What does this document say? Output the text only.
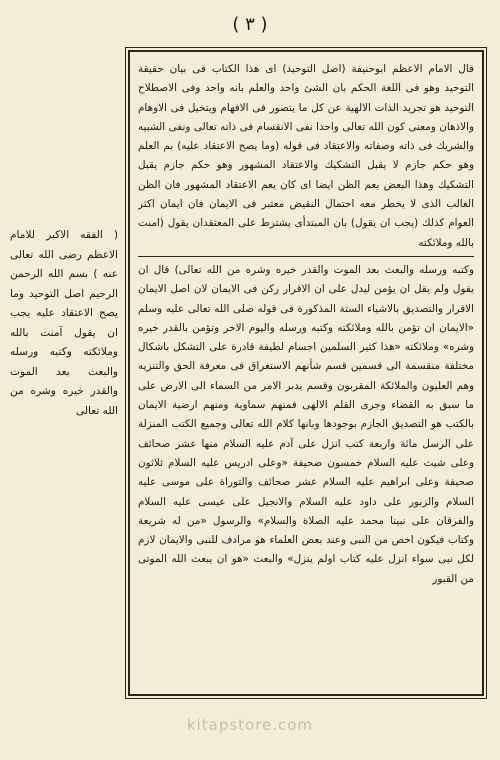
( ٣ )

( الفقه الاكبر للامام الاعظم رضى الله تعالى عنه ) بسم الله الرحمن الرحيم اصل التوحيد وما يصح الاعتقاد عليه يجب ان يقول آمنت بالله وملائكته وكتبه ورسله والبعث بعد الموت والقدر خيره وشره من الله تعالى

قال الامام الاعظم ابوحنيفة (اصل التوحيد) اى هذا الكتاب فى بيان حقيقة التوحيد وهو فى اللغة الحكم بان الشئ واحد والعلم بانه واحد وفى الاصطلاح التوحيد هو تجريد الذات الالهية عن كل ما يتصور فى الافهام ويتخيل فى الاوهام والاذهان ومعنى كون الله تعالى واحدا نفى الانقسام فى ذاته تعالى ونفى الشبيه والشريك فى ذاته وصفاته والاعتقاد فى قوله (وما يصح الاعتقاد عليه) بم العلم وهو حكم جازم لا يقبل التشكيك والاعتقاد المشهور وهو حكم جازم يقبل التشكيك وهذا البعض يعم الظن ايضا اى كان يعم الاعتقاد المشهور فان الظن الغالب الذى لا يخطر معه احتمال النقيض معتبر فى الايمان فان ايمان اكثر العوام كذلك (يجب ان يقول) بان المبتدأى يشترط على المعتقدان يقول (امنت بالله وملائكته

وكتبه ورسله والبعث بعد الموت والقدر خيره وشره من الله تعالى) قال ان يقول ولم يقل ان يؤمن ليدل على ان الاقرار ركن فى الايمان لان اصل الايمان الاقرار والتصديق بالاشياء الستة المذكورة فى قوله صلى الله تعالى عليه وسلم «الايمان ان تؤمن بالله وملائكته وكتبه ورسله واليوم الاخر وتؤمن بالقدر خيره وشره» وملائكته «هذا كثير السلمين اجسام لطيفة قادرة على التشكل باشكال مختلفة منقسمة الى قسمين قسم شأنهم الاستغراق فى معرفة الحق والتنزيه وهم العليون والملائكة المقربون وقسم يدبر الامر من السماء الى الارض على ما سبق به القضاء وجرى القلم الالهى فمنهم سماوية ومنهم ارضية الايمان بالكتب هو التصديق الجازم بوجودها وبانها كلام الله تعالى وجميع الكتب المنزلة على الرسل مائة واربعة كتب انزل على آدم عليه السلام منها عشر صحائف وعلى شيث عليه السلام خمسون صحيفة «وعلى ادريس عليه السلام ثلاثون صحيفة وعلى ابراهيم عليه السلام عشر صحائف والتوراة على موسى عليه السلام والزبور على داود عليه السلام والانجيل على عيسى عليه السلام والفرقان على نبينا محمد عليه الصلاة والسلام» والرسول «من له شريعة وكتاب فيكون اخص من النبى وعند بعض العلماء هو مرادف للنبى والايمان لازم لكل نبى سواء انزل عليه كتاب اولم ينزل» والبعث «هو ان يبعث الله الموتى من القبور

kitapstore.com
